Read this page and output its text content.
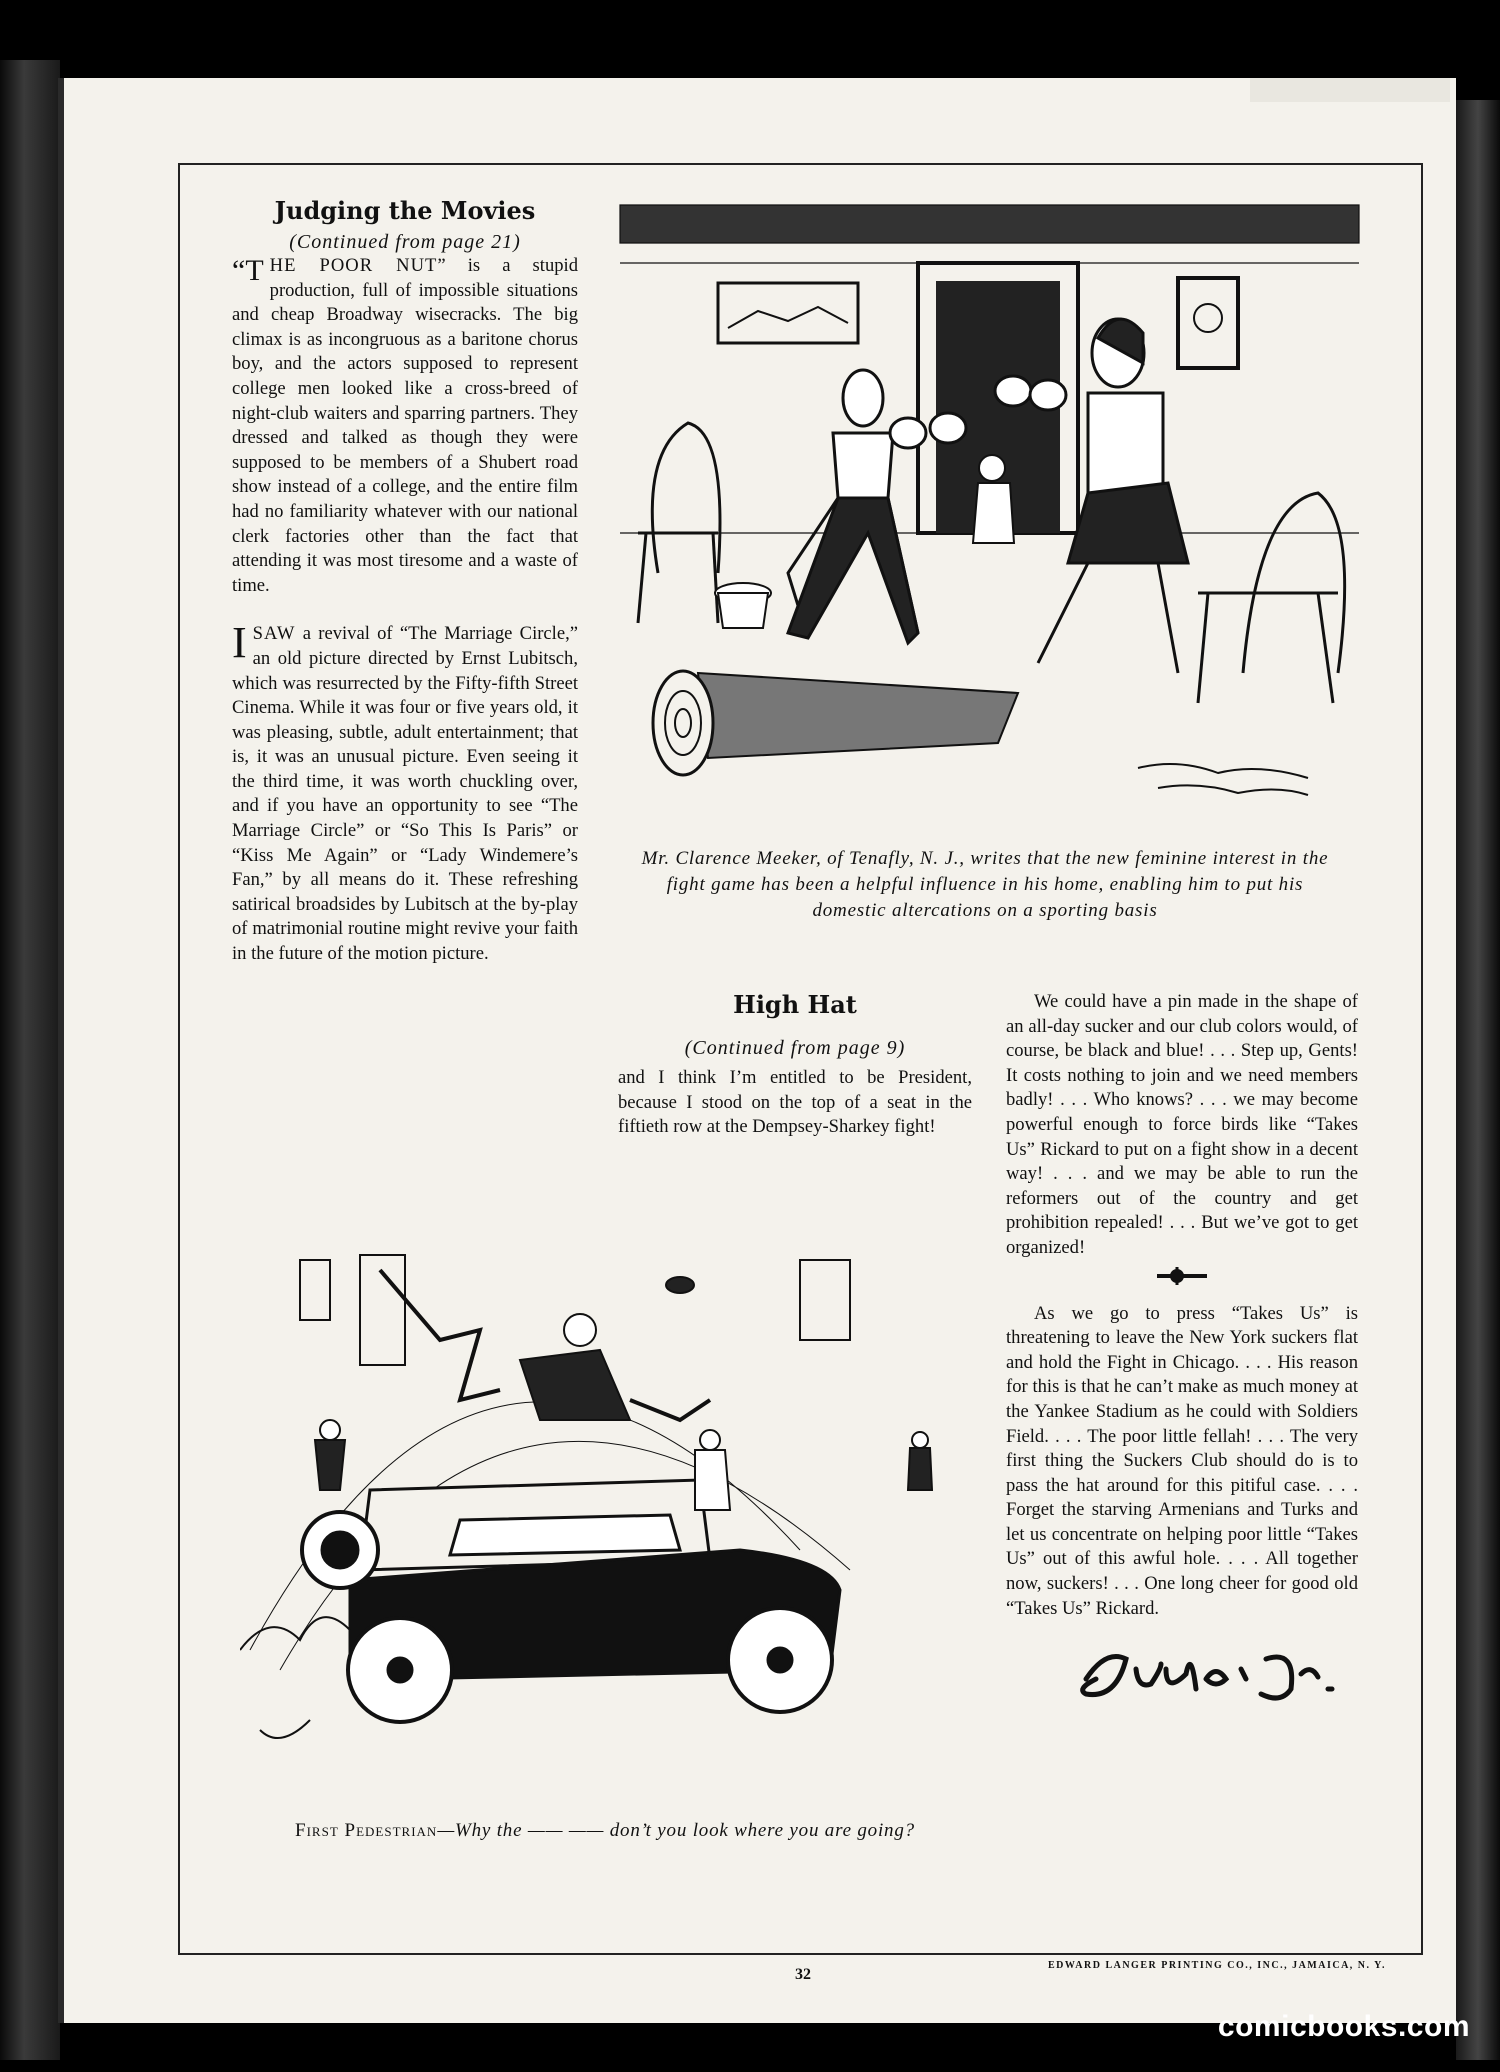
Judging the Movies
(Continued from page 21)
“THE POOR NUT” is a stupid production, full of impossible situations and cheap Broadway wisecracks. The big climax is as incongruous as a baritone chorus boy, and the actors supposed to represent college men looked like a cross-breed of night-club waiters and sparring partners. They dressed and talked as though they were supposed to be members of a Shubert road show instead of a college, and the entire film had no familiarity whatever with our national clerk factories other than the fact that attending it was most tiresome and a waste of time.
ISAW a revival of “The Marriage Circle,” an old picture directed by Ernst Lubitsch, which was resurrected by the Fifty-fifth Street Cinema. While it was four or five years old, it was pleasing, subtle, adult entertainment; that is, it was an unusual picture. Even seeing it the third time, it was worth chuckling over, and if you have an opportunity to see “The Marriage Circle” or “So This Is Paris” or “Kiss Me Again” or “Lady Windemere’s Fan,” by all means do it. These refreshing satirical broadsides by Lubitsch at the by-play of matrimonial routine might revive your faith in the future of the motion picture.
Mr. Clarence Meeker, of Tenafly, N. J., writes that the new feminine interest in the fight game has been a helpful influence in his home, enabling him to put his domestic altercations on a sporting basis
High Hat
(Continued from page 9)

and I think I’m entitled to be President, because I stood on the top of a seat in the fiftieth row at the Dempsey-Sharkey fight!

We could have a pin made in the shape of an all-day sucker and our club colors would, of course, be black and blue! . . . Step up, Gents! It costs nothing to join and we need members badly! . . . Who knows? . . . we may become powerful enough to force birds like “Takes Us” Rickard to put on a fight show in a decent way! . . . and we may be able to run the reformers out of the country and get prohibition repealed! . . . But we’ve got to get organized!

As we go to press “Takes Us” is threatening to leave the New York suckers flat and hold the Fight in Chicago. . . . His reason for this is that he can’t make as much money at the Yankee Stadium as he could with Soldiers Field. . . . The poor little fellah! . . . The very first thing the Suckers Club should do is to pass the hat around for this pitiful case. . . . Forget the starving Armenians and Turks and let us concentrate on helping poor little “Takes Us” out of this awful hole. . . . All together now, suckers! . . . One long cheer for good old “Takes Us” Rickard.

First Pedestrian—Why the —— —— don’t you look where you are going?
32
EDWARD LANGER PRINTING CO., INC., JAMAICA, N. Y.
comicbooks.com
